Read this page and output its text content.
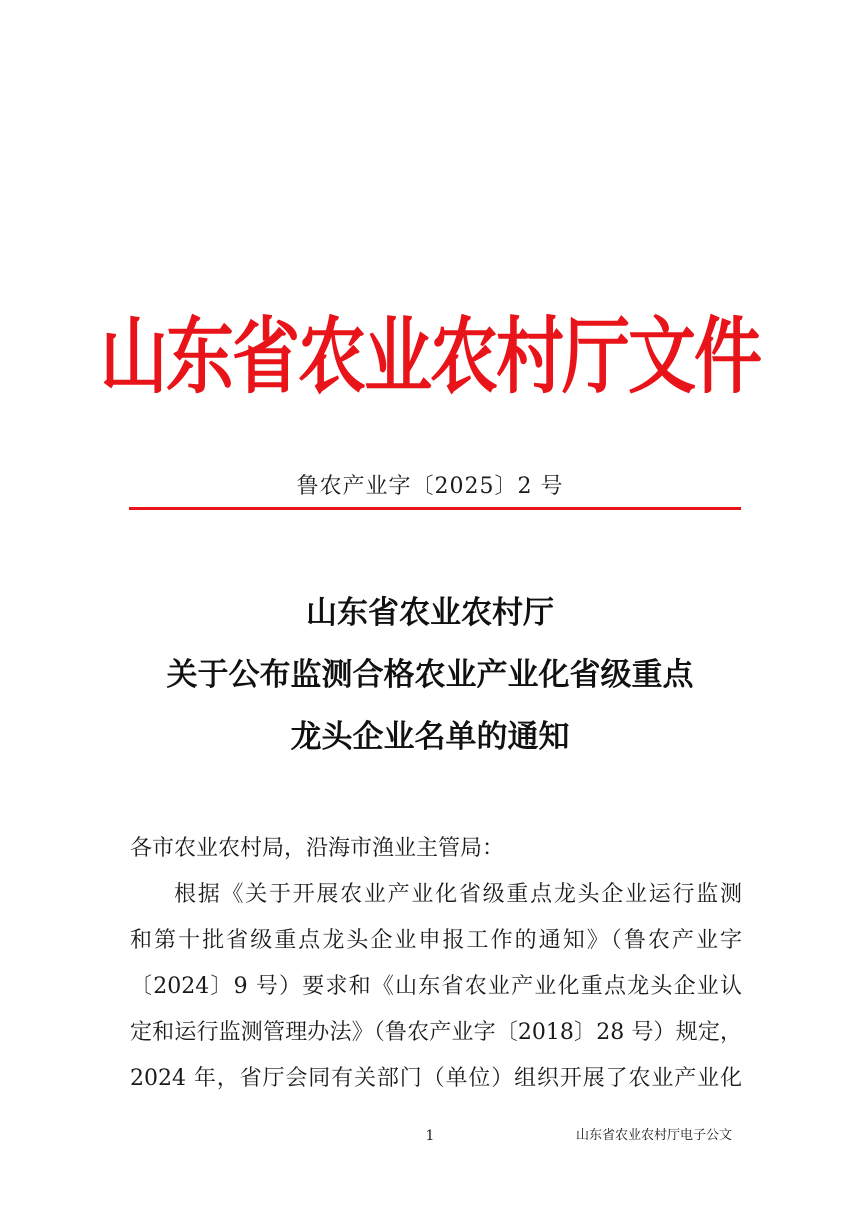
山东省农业农村厅文件
鲁农产业字〔2025〕2 号
山东省农业农村厅
关于公布监测合格农业产业化省级重点
龙头企业名单的通知

各市农业农村局，沿海市渔业主管局：

根据《关于开展农业产业化省级重点龙头企业运行监测

和第十批省级重点龙头企业申报工作的通知》（鲁农产业字

〔2024〕9 号）要求和《山东省农业产业化重点龙头企业认

定和运行监测管理办法》（鲁农产业字〔2018〕28 号）规定，

2024 年，省厅会同有关部门（单位）组织开展了农业产业化

1	山东省农业农村厅电子公文
